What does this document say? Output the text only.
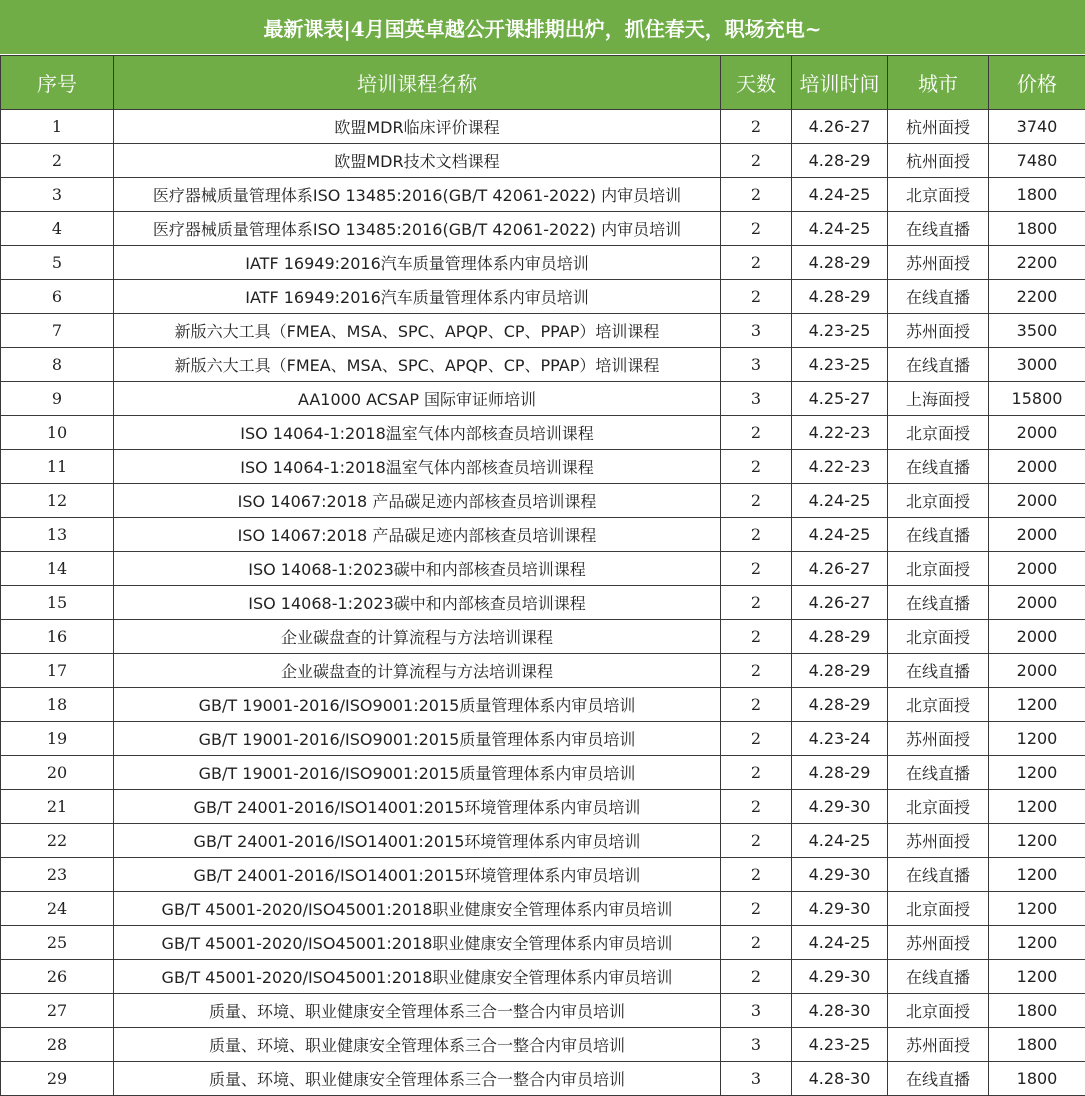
最新课表|4月国英卓越公开课排期出炉，抓住春天，职场充电~
序号	培训课程名称	天数	培训时间	城市	价格
1	欧盟MDR临床评价课程	2	4.26-27	杭州面授	3740
2	欧盟MDR技术文档课程	2	4.28-29	杭州面授	7480
3	医疗器械质量管理体系ISO 13485:2016(GB/T 42061-2022) 内审员培训	2	4.24-25	北京面授	1800
4	医疗器械质量管理体系ISO 13485:2016(GB/T 42061-2022) 内审员培训	2	4.24-25	在线直播	1800
5	IATF 16949:2016汽车质量管理体系内审员培训	2	4.28-29	苏州面授	2200
6	IATF 16949:2016汽车质量管理体系内审员培训	2	4.28-29	在线直播	2200
7	新版六大工具（FMEA、MSA、SPC、APQP、CP、PPAP）培训课程	3	4.23-25	苏州面授	3500
8	新版六大工具（FMEA、MSA、SPC、APQP、CP、PPAP）培训课程	3	4.23-25	在线直播	3000
9	AA1000 ACSAP 国际审证师培训	3	4.25-27	上海面授	15800
10	ISO 14064-1:2018温室气体内部核查员培训课程	2	4.22-23	北京面授	2000
11	ISO 14064-1:2018温室气体内部核查员培训课程	2	4.22-23	在线直播	2000
12	ISO 14067:2018 产品碳足迹内部核查员培训课程	2	4.24-25	北京面授	2000
13	ISO 14067:2018 产品碳足迹内部核查员培训课程	2	4.24-25	在线直播	2000
14	ISO 14068-1:2023碳中和内部核查员培训课程	2	4.26-27	北京面授	2000
15	ISO 14068-1:2023碳中和内部核查员培训课程	2	4.26-27	在线直播	2000
16	企业碳盘查的计算流程与方法培训课程	2	4.28-29	北京面授	2000
17	企业碳盘查的计算流程与方法培训课程	2	4.28-29	在线直播	2000
18	GB/T 19001-2016/ISO9001:2015质量管理体系内审员培训	2	4.28-29	北京面授	1200
19	GB/T 19001-2016/ISO9001:2015质量管理体系内审员培训	2	4.23-24	苏州面授	1200
20	GB/T 19001-2016/ISO9001:2015质量管理体系内审员培训	2	4.28-29	在线直播	1200
21	GB/T 24001-2016/ISO14001:2015环境管理体系内审员培训	2	4.29-30	北京面授	1200
22	GB/T 24001-2016/ISO14001:2015环境管理体系内审员培训	2	4.24-25	苏州面授	1200
23	GB/T 24001-2016/ISO14001:2015环境管理体系内审员培训	2	4.29-30	在线直播	1200
24	GB/T 45001-2020/ISO45001:2018职业健康安全管理体系内审员培训	2	4.29-30	北京面授	1200
25	GB/T 45001-2020/ISO45001:2018职业健康安全管理体系内审员培训	2	4.24-25	苏州面授	1200
26	GB/T 45001-2020/ISO45001:2018职业健康安全管理体系内审员培训	2	4.29-30	在线直播	1200
27	质量、环境、职业健康安全管理体系三合一整合内审员培训	3	4.28-30	北京面授	1800
28	质量、环境、职业健康安全管理体系三合一整合内审员培训	3	4.23-25	苏州面授	1800
29	质量、环境、职业健康安全管理体系三合一整合内审员培训	3	4.28-30	在线直播	1800
